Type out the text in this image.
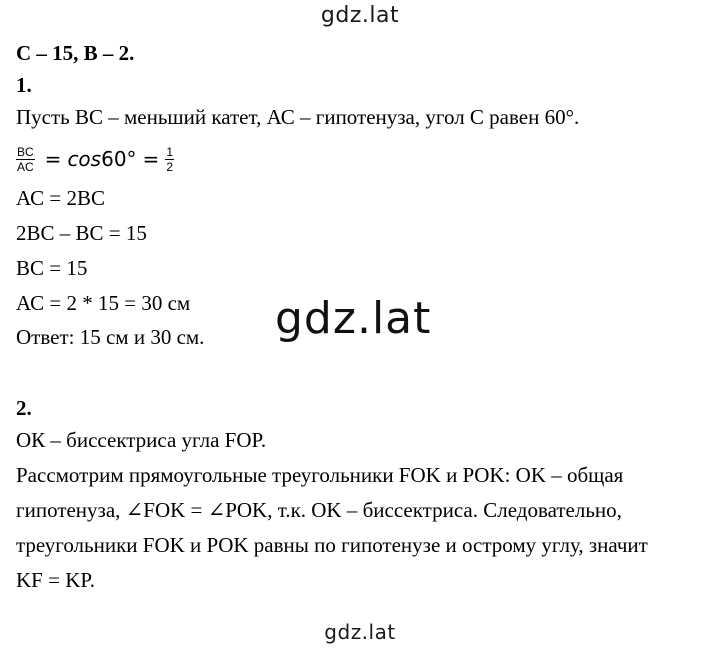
gdz.lat
С – 15, В – 2.
1.
Пусть ВС – меньший катет, АС – гипотенуза, угол С равен 60°.
$\frac{BC}{AC} = \cos 60^\circ = \frac{1}{2}$
АС = 2ВС
2ВС – ВС = 15
ВС = 15
АС = 2 * 15 = 30 см
Ответ: 15 см и 30 см. gdz.lat
2.
ОК – биссектриса угла FOP.
Рассмотрим прямоугольные треугольники FOK и POK: OK – общая
гипотенуза, ∠FOK = ∠POK, т.к. OK – биссектриса. Следовательно,
треугольники FOK и POK равны по гипотенузе и острому углу, значит
KF = KP.
gdz.lat
